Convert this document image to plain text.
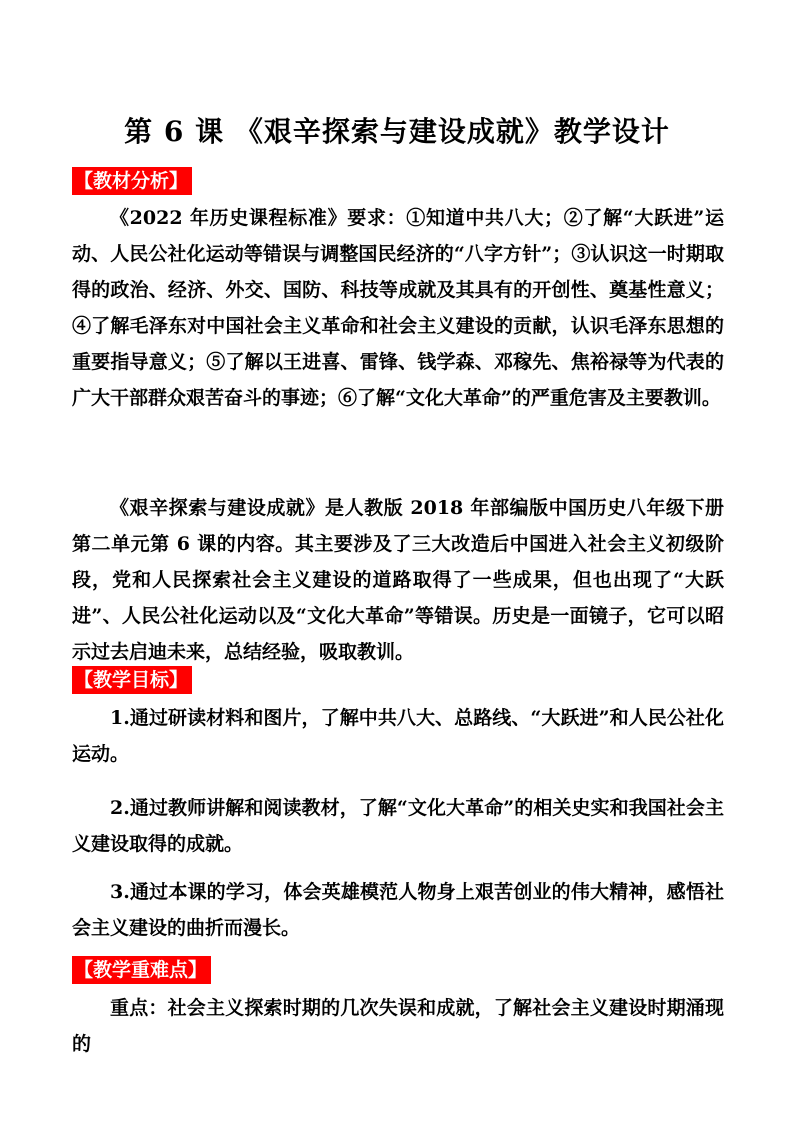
第 6 课 《艰辛探索与建设成就》教学设计
【教材分析】
《2022 年历史课程标准》要求：①知道中共八大；②了解“大跃进”运动、人民公社化运动等错误与调整国民经济的“八字方针”；③认识这一时期取得的政治、经济、外交、国防、科技等成就及其具有的开创性、奠基性意义；④了解毛泽东对中国社会主义革命和社会主义建设的贡献，认识毛泽东思想的重要指导意义；⑤了解以王进喜、雷锋、钱学森、邓稼先、焦裕禄等为代表的广大干部群众艰苦奋斗的事迹；⑥了解“文化大革命”的严重危害及主要教训。
《艰辛探索与建设成就》是人教版 2018 年部编版中国历史八年级下册第二单元第 6 课的内容。其主要涉及了三大改造后中国进入社会主义初级阶段，党和人民探索社会主义建设的道路取得了一些成果，但也出现了“大跃进”、人民公社化运动以及“文化大革命”等错误。历史是一面镜子，它可以昭示过去启迪未来，总结经验，吸取教训。
【教学目标】
1.通过研读材料和图片，了解中共八大、总路线、“大跃进”和人民公社化运动。
2.通过教师讲解和阅读教材，了解“文化大革命”的相关史实和我国社会主义建设取得的成就。
3.通过本课的学习，体会英雄模范人物身上艰苦创业的伟大精神，感悟社会主义建设的曲折而漫长。
【教学重难点】
重点：社会主义探索时期的几次失误和成就，了解社会主义建设时期涌现的
